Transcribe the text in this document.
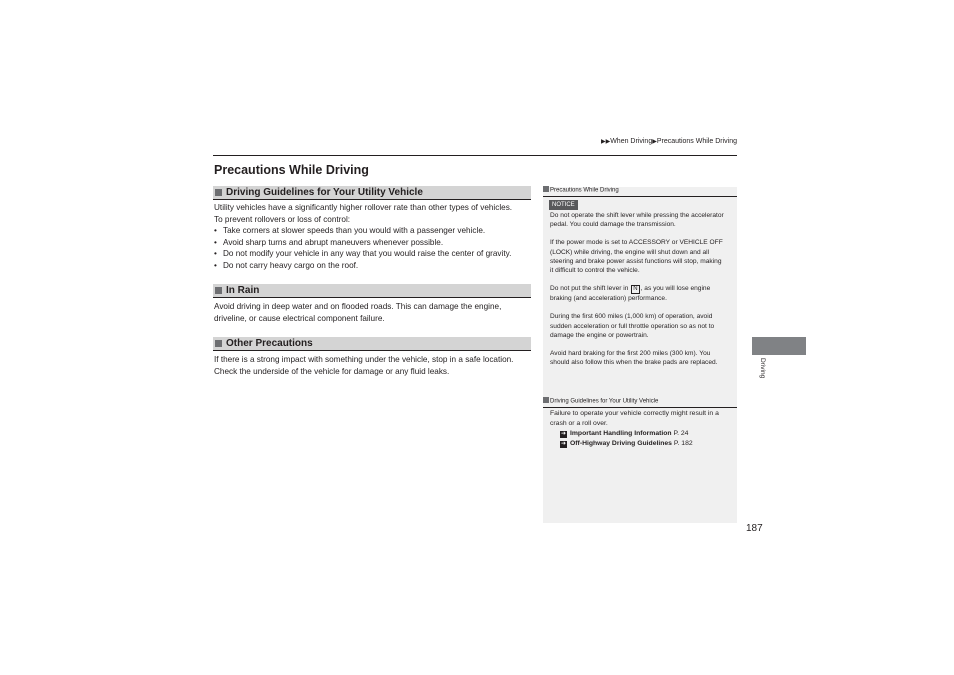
▶▶When Driving▶Precautions While Driving
Precautions While Driving
Driving Guidelines for Your Utility Vehicle

Utility vehicles have a significantly higher rollover rate than other types of vehicles.

To prevent rollovers or loss of control:

• Take corners at slower speeds than you would with a passenger vehicle.
• Avoid sharp turns and abrupt maneuvers whenever possible.
• Do not modify your vehicle in any way that you would raise the center of gravity.
• Do not carry heavy cargo on the roof.
In Rain

Avoid driving in deep water and on flooded roads. This can damage the engine, driveline, or cause electrical component failure.

Other Precautions

If there is a strong impact with something under the vehicle, stop in a safe location. Check the underside of the vehicle for damage or any fluid leaks.

Precautions While Driving
NOTICE

Do not operate the shift lever while pressing the accelerator pedal. You could damage the transmission.

If the power mode is set to ACCESSORY or VEHICLE OFF (LOCK) while driving, the engine will shut down and all steering and brake power assist functions will stop, making it difficult to control the vehicle.

Do not put the shift lever in N , as you will lose engine braking (and acceleration) performance.

During the first 600 miles (1,000 km) of operation, avoid sudden acceleration or full throttle operation so as not to damage the engine or powertrain.

Avoid hard braking for the first 200 miles (300 km). You should also follow this when the brake pads are replaced.

Driving Guidelines for Your Utility Vehicle

Failure to operate your vehicle correctly might result in a crash or a roll over.

➜ Important Handling Information P. 24
➜ Off-Highway Driving Guidelines P. 182
Driving
187
